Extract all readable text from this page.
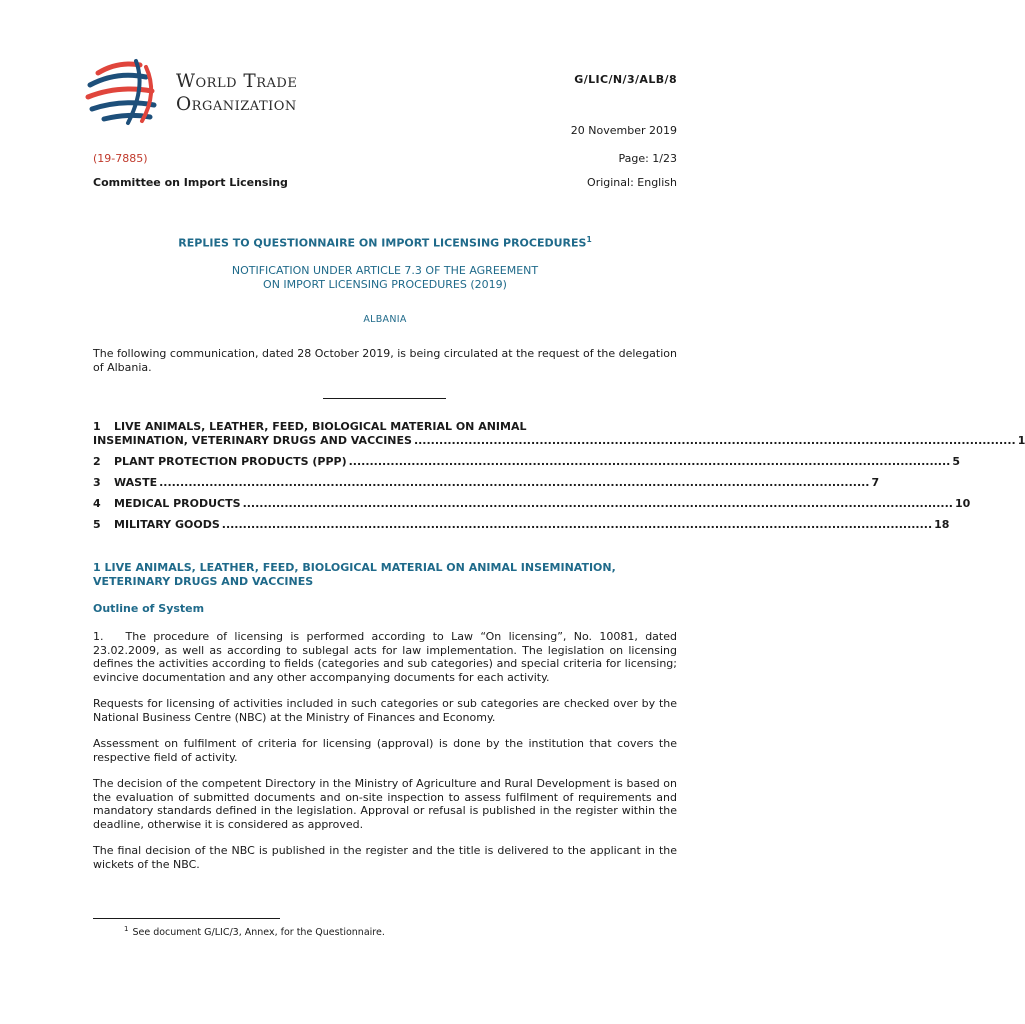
World Trade
Organization
G/LIC/N/3/ALB/8
20 November 2019
(19-7885)	Page: 1/23
Committee on Import Licensing	Original: English
REPLIES TO QUESTIONNAIRE ON IMPORT LICENSING PROCEDURES$^1$
NOTIFICATION UNDER ARTICLE 7.3 OF THE AGREEMENT
ON IMPORT LICENSING PROCEDURES (2019)
ALBANIA
The following communication, dated 28 October 2019, is being circulated at the request of the delegation of Albania.
1	LIVE ANIMALS, LEATHER, FEED, BIOLOGICAL MATERIAL ON ANIMAL
INSEMINATION, VETERINARY DRUGS AND VACCINES ................................................................................................................................................ 1
2	PLANT PROTECTION PRODUCTS (PPP) ................................................................................................................................................ 5
3	WASTE .......................................................................................................................................................................... 7
4	MEDICAL PRODUCTS .......................................................................................................................................................................... 10
5	MILITARY GOODS .......................................................................................................................................................................... 18
1 LIVE ANIMALS, LEATHER, FEED, BIOLOGICAL MATERIAL ON ANIMAL INSEMINATION, VETERINARY DRUGS AND VACCINES
Outline of System

1.   The procedure of licensing is performed according to Law “On licensing”, No. 10081, dated 23.02.2009, as well as according to sublegal acts for law implementation. The legislation on licensing defines the activities according to fields (categories and sub categories) and special criteria for licensing; evincive documentation and any other accompanying documents for each activity.

Requests for licensing of activities included in such categories or sub categories are checked over by the National Business Centre (NBC) at the Ministry of Finances and Economy.

Assessment on fulfilment of criteria for licensing (approval) is done by the institution that covers the respective field of activity.

The decision of the competent Directory in the Ministry of Agriculture and Rural Development is based on the evaluation of submitted documents and on-site inspection to assess fulfilment of requirements and mandatory standards defined in the legislation. Approval or refusal is published in the register within the deadline, otherwise it is considered as approved.

The final decision of the NBC is published in the register and the title is delivered to the applicant in the wickets of the NBC.

$^1$ See document G/LIC/3, Annex, for the Questionnaire.
